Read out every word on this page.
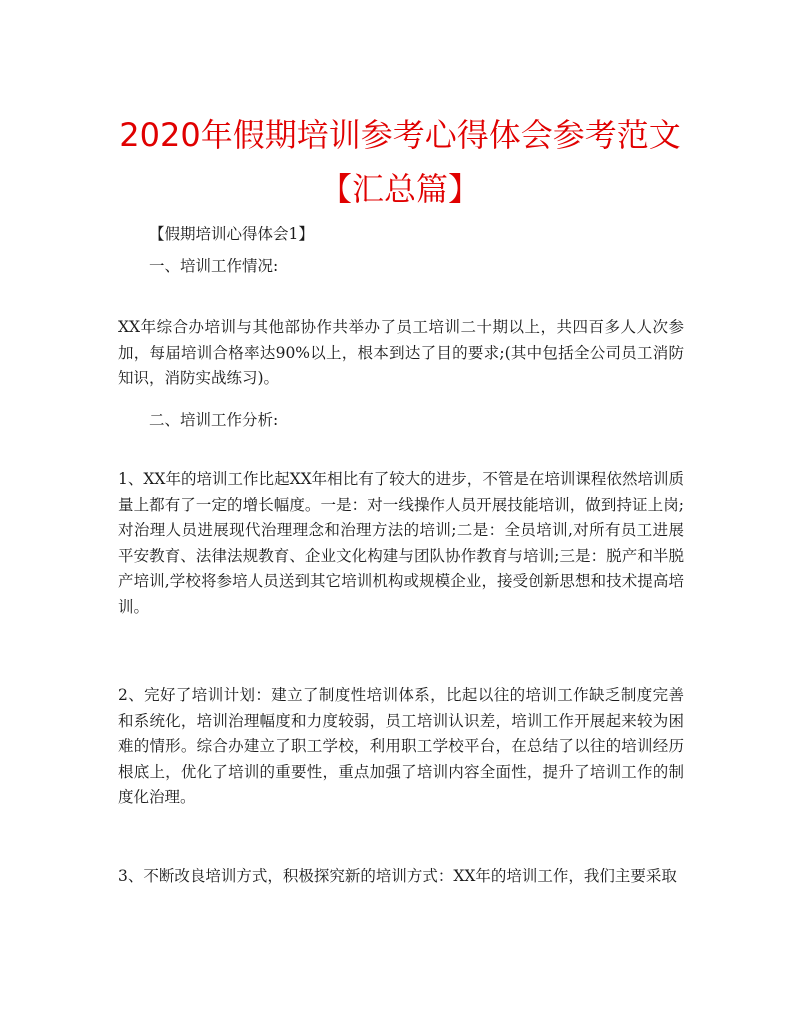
2020年假期培训参考心得体会参考范文【汇总篇】

【假期培训心得体会1】

一、培训工作情况:

XX年综合办培训与其他部协作共举办了员工培训二十期以上，共四百多人人次参加，每届培训合格率达90%以上，根本到达了目的要求;(其中包括全公司员工消防知识，消防实战练习)。

二、培训工作分析:

1、XX年的培训工作比起XX年相比有了较大的进步，不管是在培训课程依然培训质量上都有了一定的增长幅度。一是：对一线操作人员开展技能培训，做到持证上岗;对治理人员进展现代治理理念和治理方法的培训;二是：全员培训,对所有员工进展平安教育、法律法规教育、企业文化构建与团队协作教育与培训;三是：脱产和半脱产培训,学校将参培人员送到其它培训机构或规模企业，接受创新思想和技术提高培训。

2、完好了培训计划：建立了制度性培训体系，比起以往的培训工作缺乏制度完善和系统化，培训治理幅度和力度较弱，员工培训认识差，培训工作开展起来较为困难的情形。综合办建立了职工学校，利用职工学校平台，在总结了以往的培训经历根底上，优化了培训的重要性，重点加强了培训内容全面性，提升了培训工作的制度化治理。

3、不断改良培训方式，积极探究新的培训方式：XX年的培训工作，我们主要采取
